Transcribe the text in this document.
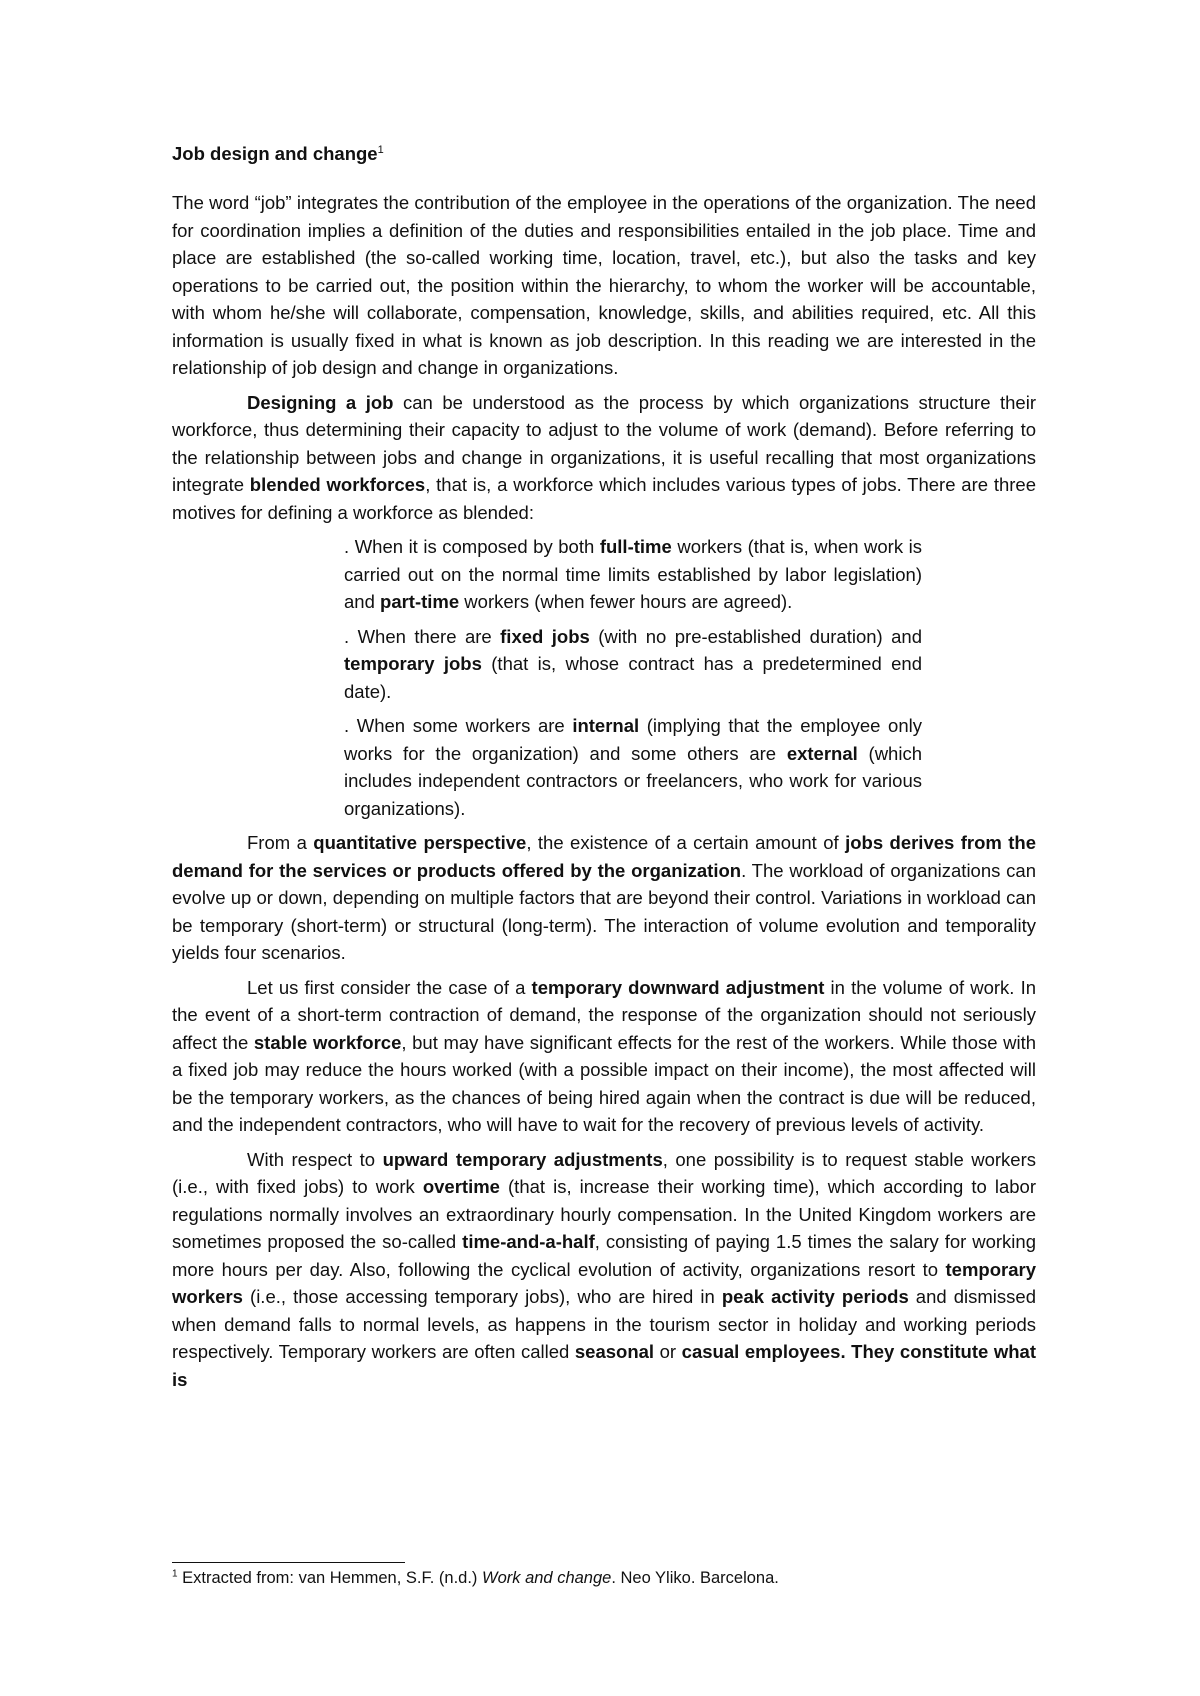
Job design and change$^1$

The word “job” integrates the contribution of the employee in the operations of the organization. The need for coordination implies a definition of the duties and responsibilities entailed in the job place. Time and place are established (the so-called working time, location, travel, etc.), but also the tasks and key operations to be carried out, the position within the hierarchy, to whom the worker will be accountable, with whom he/she will collaborate, compensation, knowledge, skills, and abilities required, etc. All this information is usually fixed in what is known as job description. In this reading we are interested in the relationship of job design and change in organizations.

Designing a job can be understood as the process by which organizations structure their workforce, thus determining their capacity to adjust to the volume of work (demand). Before referring to the relationship between jobs and change in organizations, it is useful recalling that most organizations integrate blended workforces, that is, a workforce which includes various types of jobs. There are three motives for defining a workforce as blended:

. When it is composed by both full-time workers (that is, when work is carried out on the normal time limits established by labor legislation) and part-time workers (when fewer hours are agreed).

. When there are fixed jobs (with no pre-established duration) and temporary jobs (that is, whose contract has a predetermined end date).

. When some workers are internal (implying that the employee only works for the organization) and some others are external (which includes independent contractors or freelancers, who work for various organizations).

From a quantitative perspective, the existence of a certain amount of jobs derives from the demand for the services or products offered by the organization. The workload of organizations can evolve up or down, depending on multiple factors that are beyond their control. Variations in workload can be temporary (short-term) or structural (long-term). The interaction of volume evolution and temporality yields four scenarios.

Let us first consider the case of a temporary downward adjustment in the volume of work. In the event of a short-term contraction of demand, the response of the organization should not seriously affect the stable workforce, but may have significant effects for the rest of the workers. While those with a fixed job may reduce the hours worked (with a possible impact on their income), the most affected will be the temporary workers, as the chances of being hired again when the contract is due will be reduced, and the independent contractors, who will have to wait for the recovery of previous levels of activity.

With respect to upward temporary adjustments, one possibility is to request stable workers (i.e., with fixed jobs) to work overtime (that is, increase their working time), which according to labor regulations normally involves an extraordinary hourly compensation. In the United Kingdom workers are sometimes proposed the so-called time-and-a-half, consisting of paying 1.5 times the salary for working more hours per day. Also, following the cyclical evolution of activity, organizations resort to temporary workers (i.e., those accessing temporary jobs), who are hired in peak activity periods and dismissed when demand falls to normal levels, as happens in the tourism sector in holiday and working periods respectively. Temporary workers are often called seasonal or casual employees. They constitute what is

$^1$ Extracted from: van Hemmen, S.F. (n.d.) Work and change. Neo Yliko. Barcelona.
